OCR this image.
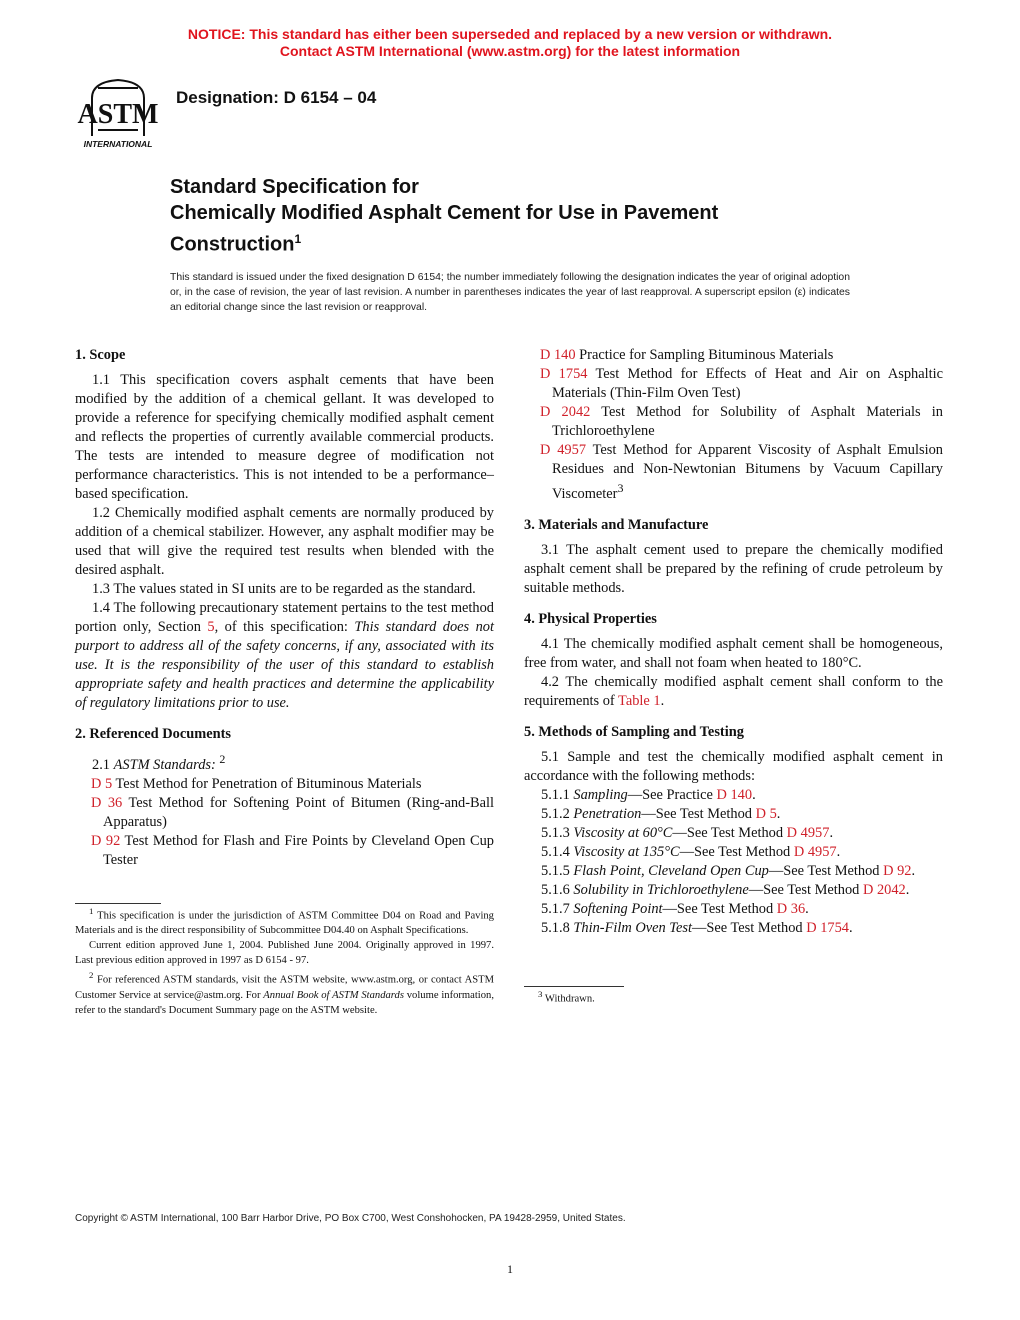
NOTICE: This standard has either been superseded and replaced by a new version or withdrawn.
Contact ASTM International (www.astm.org) for the latest information
ASTM
INTERNATIONAL
Designation: D 6154 – 04
Standard Specification for
Chemically Modified Asphalt Cement for Use in Pavement
Construction$^1$
This standard is issued under the fixed designation D 6154; the number immediately following the designation indicates the year of original adoption or, in the case of revision, the year of last revision. A number in parentheses indicates the year of last reapproval. A superscript epsilon (ε) indicates an editorial change since the last revision or reapproval.
1. Scope

1.1 This specification covers asphalt cements that have been modified by the addition of a chemical gellant. It was developed to provide a reference for specifying chemically modified asphalt cement and reflects the properties of currently available commercial products. The tests are intended to measure degree of modification not performance characteristics. This is not intended to be a performance–based specification.

1.2 Chemically modified asphalt cements are normally produced by addition of a chemical stabilizer. However, any asphalt modifier may be used that will give the required test results when blended with the desired asphalt.

1.3 The values stated in SI units are to be regarded as the standard.

1.4 The following precautionary statement pertains to the test method portion only, Section 5, of this specification: This standard does not purport to address all of the safety concerns, if any, associated with its use. It is the responsibility of the user of this standard to establish appropriate safety and health practices and determine the applicability of regulatory limitations prior to use.

2. Referenced Documents

2.1 ASTM Standards: $^2$

D 5 Test Method for Penetration of Bituminous Materials
D 36 Test Method for Softening Point of Bitumen (Ring-and-Ball Apparatus)
D 92 Test Method for Flash and Fire Points by Cleveland Open Cup Tester

$^1$ This specification is under the jurisdiction of ASTM Committee D04 on Road and Paving Materials and is the direct responsibility of Subcommittee D04.40 on Asphalt Specifications.

Current edition approved June 1, 2004. Published June 2004. Originally approved in 1997. Last previous edition approved in 1997 as D 6154 - 97.

$^2$ For referenced ASTM standards, visit the ASTM website, www.astm.org, or contact ASTM Customer Service at service@astm.org. For Annual Book of ASTM Standards volume information, refer to the standard's Document Summary page on the ASTM website.

D 140 Practice for Sampling Bituminous Materials
D 1754 Test Method for Effects of Heat and Air on Asphaltic Materials (Thin-Film Oven Test)
D 2042 Test Method for Solubility of Asphalt Materials in Trichloroethylene
D 4957 Test Method for Apparent Viscosity of Asphalt Emulsion Residues and Non-Newtonian Bitumens by Vacuum Capillary Viscometer$^3$
3. Materials and Manufacture

3.1 The asphalt cement used to prepare the chemically modified asphalt cement shall be prepared by the refining of crude petroleum by suitable methods.

4. Physical Properties

4.1 The chemically modified asphalt cement shall be homogeneous, free from water, and shall not foam when heated to 180°C.

4.2 The chemically modified asphalt cement shall conform to the requirements of Table 1.

5. Methods of Sampling and Testing

5.1 Sample and test the chemically modified asphalt cement in accordance with the following methods:

5.1.1 Sampling—See Practice D 140.
5.1.2 Penetration—See Test Method D 5.
5.1.3 Viscosity at 60°C—See Test Method D 4957.
5.1.4 Viscosity at 135°C—See Test Method D 4957.
5.1.5 Flash Point, Cleveland Open Cup—See Test Method D 92.
5.1.6 Solubility in Trichloroethylene—See Test Method D 2042.
5.1.7 Softening Point—See Test Method D 36.
5.1.8 Thin-Film Oven Test—See Test Method D 1754.

$^3$ Withdrawn.

Copyright © ASTM International, 100 Barr Harbor Drive, PO Box C700, West Conshohocken, PA 19428-2959, United States.
1
